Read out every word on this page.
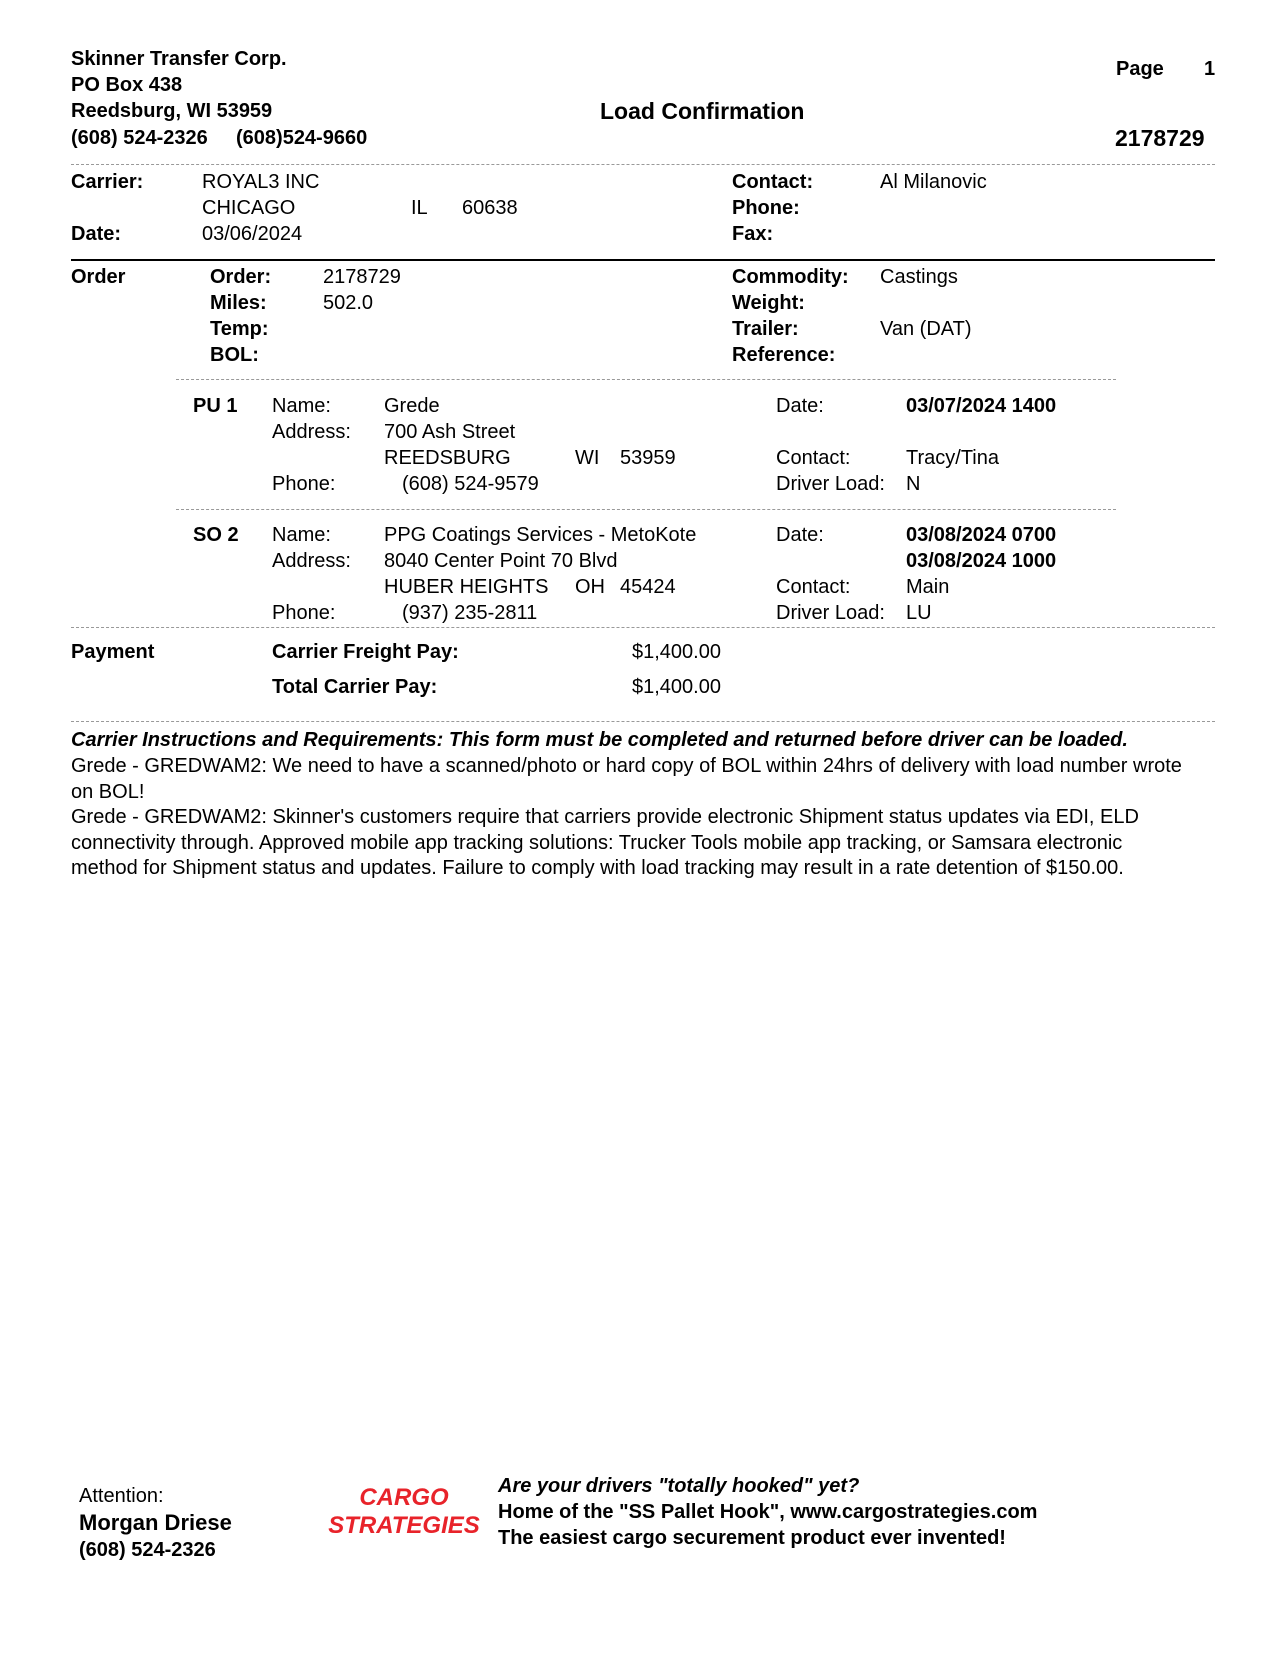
Skinner Transfer Corp.
PO Box 438
Reedsburg, WI 53959
(608) 524-2326 (608)524-9660
Load Confirmation
Page 1
2178729
Carrier:	ROYAL3 INC
CHICAGO	IL 60638
Date:	03/06/2024
Contact:	Al Milanovic
Phone:
Fax:
Order	Order:	2178729
Miles:	502.0
Temp:
BOL:
Commodity: Castings
Weight:
Trailer:	Van (DAT)
Reference:
PU 1 Name:	Grede
Address: 700 Ash Street
REEDSBURG	WI 53959
Phone:	(608) 524-9579
Date:	03/07/2024 1400
Contact:	Tracy/Tina
Driver Load: N
SO 2 Name:	PPG Coatings Services - MetoKote
Address: 8040 Center Point 70 Blvd
HUBER HEIGHTS OH 45424
Phone:	(937) 235-2811
Date:	03/08/2024 0700
03/08/2024 1000
Contact:	Main
Driver Load: LU
Payment	Carrier Freight Pay:	$1,400.00
Total Carrier Pay:	$1,400.00
Carrier Instructions and Requirements: This form must be completed and returned before driver can be loaded.
Grede - GREDWAM2: We need to have a scanned/photo or hard copy of BOL within 24hrs of delivery with load number wrote on BOL!
Grede - GREDWAM2: Skinner's customers require that carriers provide electronic Shipment status updates via EDI, ELD connectivity through. Approved mobile app tracking solutions: Trucker Tools mobile app tracking, or Samsara electronic method for Shipment status and updates. Failure to comply with load tracking may result in a rate detention of $150.00.
Attention:
Morgan Driese
(608) 524-2326
CARGO
STRATEGIES
Are your drivers "totally hooked" yet?
Home of the "SS Pallet Hook", www.cargostrategies.com
The easiest cargo securement product ever invented!
